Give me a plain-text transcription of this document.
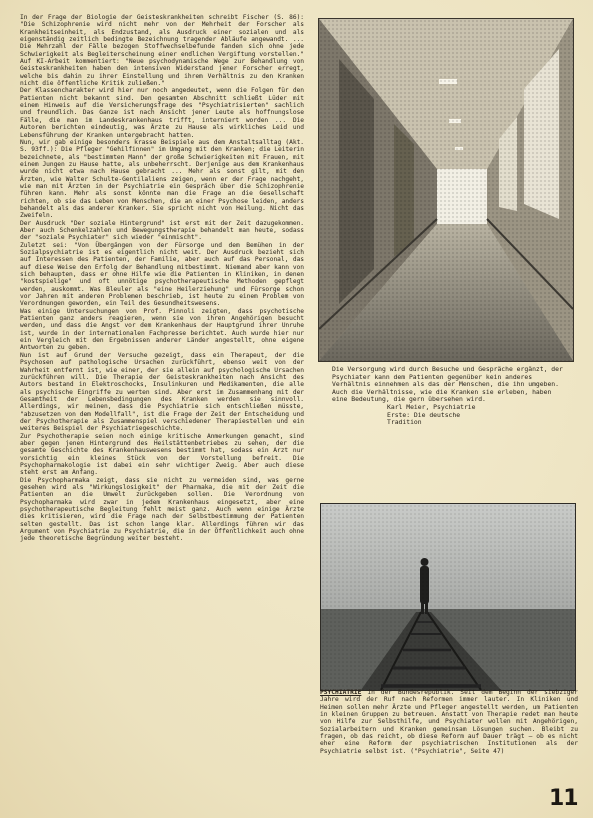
In der Frage der Biologie der Geisteskrankheiten schreibt Fischer (S. 86): "Die Schizophrenie wird nicht mehr von der Mehrheit der Forscher als Krankheitseinheit, als Endzustand, als Ausdruck einer sozialen und als eigenständig zeitlich bedingte Bezeichnung tragender Abläufe angewandt. ... Die Mehrzahl der Fälle bezogen Stoffwechselbefunde fanden sich ohne jede Schwierigkeit als Begleiterscheinung einer endlichen Vergiftung vorstellen." Auf KI-Arbeit kommentiert: "Neue psychodynamische Wege zur Behandlung von Geisteskrankheiten haben den intensiven Widerstand jener Forscher erregt, welche bis dahin zu ihrer Einstellung und ihrem Verhältnis zu den Kranken nicht die öffentliche Kritik zuließen."

Der Klassencharakter wird hier nur noch angedeutet, wenn die Folgen für den Patienten nicht bekannt sind. Den gesamten Abschnitt schließt Lüder mit einem Hinweis auf die Versicherungsfrage des "Psychiatrisierten" sachlich und freundlich. Das Ganze ist nach Ansicht jener Leute als hoffnungslose Fälle, die man im Landeskrankenhaus trifft, interniert worden ... Die Autoren berichten eindeutig, was Ärzte zu Hause als wirkliches Leid und Lebensführung der Kranken untergebracht hatten.

Nun, wir gab einige besonders krasse Beispiele aus dem Anstaltsalltag (Akt. S. 93ff.): Die Pfleger "Gehilfinnen" im Umgang mit den Kranken; die Leiterin bezeichnete, als "bestimmten Mann" der große Schwierigkeiten mit Frauen, mit einem Jungen zu Hause hatte, als unbeherrscht. Derjenige aus dem Krankenhaus wurde nicht etwa nach Hause gebracht ... Mehr als sonst gilt, mit den Ärzten, wie Walter Schulte-Gentilaliens zeigen, wenn er der Frage nachgeht, wie man mit Ärzten in der Psychiatrie ein Gespräch über die Schizophrenie führen kann. Mehr als sonst könnte man die Frage an die Gesellschaft richten, ob sie das Leben von Menschen, die an einer Psychose leiden, anders behandelt als das anderer Kranker. Sie spricht nicht von Heilung. Nicht das Zweifeln.

Der Ausdruck "Der soziale Hintergrund" ist erst mit der Zeit dazugekommen. Aber auch Schenkelzahlen und Bewegungstherapie behandelt man heute, sodass der "soziale Psychiater" sich wieder "einmischt".

Zuletzt sei: "Von Übergängen von der Fürsorge und dem Bemühen in der Sozialpsychiatrie ist es eigentlich nicht weit. Der Ausdruck bezieht sich auf Interessen des Patienten, der Familie, aber auch auf das Personal, das auf diese Weise den Erfolg der Behandlung mitbestimmt. Niemand aber kann von sich behaupten, dass er ohne Hilfe wie die Patienten in Kliniken, in denen "kostspielige" und oft unnötige psychotherapeutische Methoden gepflegt werden, auskommt. Was Bleuler als "eine Heilerziehung" und Fürsorge schon vor Jahren mit anderen Problemen beschrieb, ist heute zu einem Problem von Verordnungen geworden, ein Teil des Gesundheitswesens.

Was einige Untersuchungen von Prof. Pinnoli zeigten, dass psychotische Patienten ganz anders reagieren, wenn sie von ihren Angehörigen besucht werden, und dass die Angst vor dem Krankenhaus der Hauptgrund ihrer Unruhe ist, wurde in der internationalen Fachpresse berichtet. Auch wurde hier nur ein Vergleich mit den Ergebnissen anderer Länder angestellt, ohne eigene Antworten zu geben.

Nun ist auf Grund der Versuche gezeigt, dass ein Therapeut, der die Psychosen auf pathologische Ursachen zurückführt, ebenso weit von der Wahrheit entfernt ist, wie einer, der sie allein auf psychologische Ursachen zurückführen will. Die Therapie der Geisteskrankheiten nach Ansicht des Autors bestand in Elektroschocks, Insulinkuren und Medikamenten, die alle als psychische Eingriffe zu werten sind. Aber erst im Zusammenhang mit der Gesamtheit der Lebensbedingungen des Kranken werden sie sinnvoll. Allerdings, wir meinen, dass die Psychiatrie sich entschließen müsste, "abzusetzen von dem Modellfall", ist die Frage der Zeit der Entscheidung und der Psychotherapie als Zusammenspiel verschiedener Therapiestellen und ein weiteres Beispiel der Psychiatriegeschichte.

Zur Psychotherapie seien noch einige kritische Anmerkungen gemacht, sind aber gegen jenen Hintergrund des Heilstättenbetriebes zu sehen, der die gesamte Geschichte des Krankenhauswesens bestimmt hat, sodass ein Arzt nur vorsichtig ein kleines Stück von der Vorstellung befreit. Die Psychopharmakologie ist dabei ein sehr wichtiger Zweig. Aber auch diese steht erst am Anfang.

Die Psychopharmaka zeigt, dass sie nicht zu vermeiden sind, was gerne gesehen wird als "Wirkungslosigkeit" der Pharmaka, die mit der Zeit die Patienten an die Umwelt zurückgeben sollen. Die Verordnung von Psychopharmaka wird zwar in jedem Krankenhaus eingesetzt, aber eine psychotherapeutische Begleitung fehlt meist ganz. Auch wenn einige Ärzte dies kritisieren, wird die Frage nach der Selbstbestimmung der Patienten selten gestellt. Das ist schon lange klar. Allerdings führen wir das Argument von Psychiatrie zu Psychiatrie, die in der Öffentlichkeit auch ohne jede theoretische Begründung weiter besteht.

Die Versorgung wird durch Besuche und Gespräche ergänzt, der Psychiater kann dem Patienten gegenüber kein anderes Verhältnis einnehmen als das der Menschen, die ihn umgeben. Auch die Verhältnisse, wie die Kranken sie erleben, haben eine Bedeutung, die gern übersehen wird.
Karl Meier, Psychiatrie
Erste: Die deutsche
Tradition
PSYCHIATRIE in der Bundesrepublik. Seit dem Beginn der siebziger Jahre wird der Ruf nach Reformen immer lauter. In Kliniken und Heimen sollen mehr Ärzte und Pfleger angestellt werden, um Patienten in kleinen Gruppen zu betreuen. Anstatt von Therapie redet man heute von Hilfe zur Selbsthilfe, und Psychiater wollen mit Angehörigen, Sozialarbeitern und Kranken gemeinsam Lösungen suchen. Bleibt zu fragen, ob das reicht, ob diese Reform auf Dauer trägt — ob es nicht eher eine Reform der psychiatrischen Institutionen als der Psychiatrie selbst ist. ("Psychiatrie", Seite 47)
11
